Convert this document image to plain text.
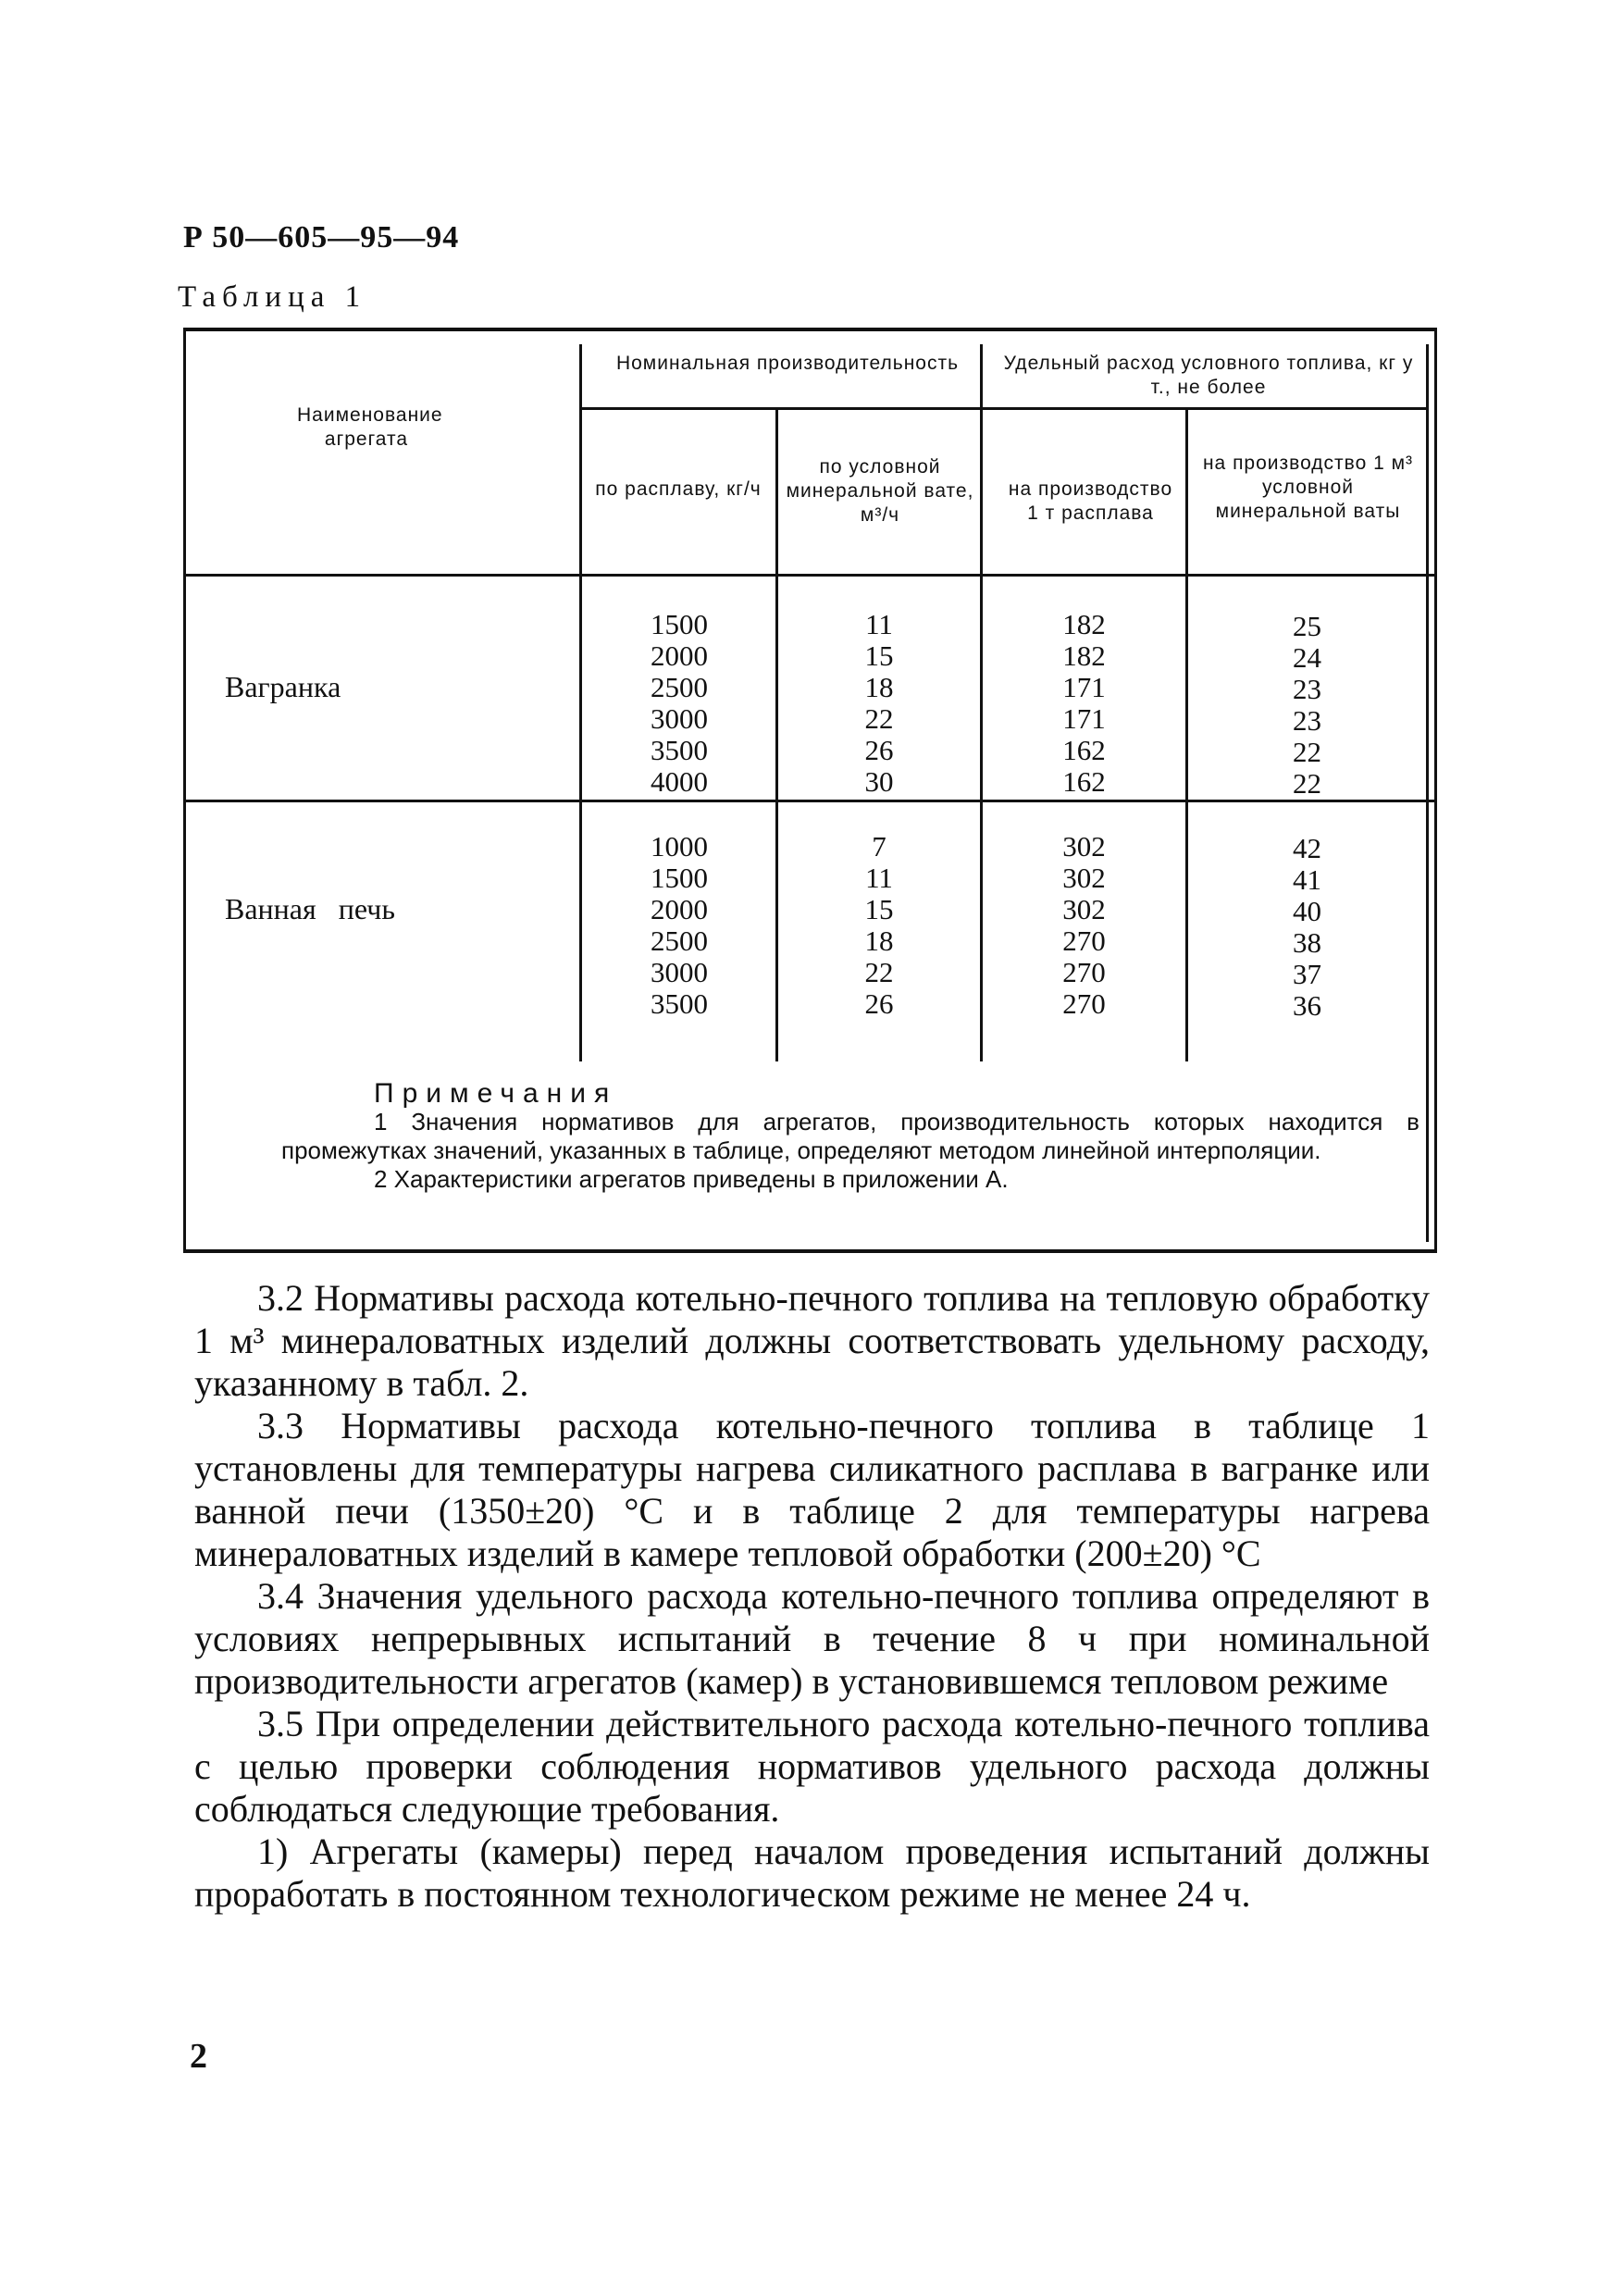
Р 50—605—95—94
Таблица 1
Наименование агрегата
Номинальная производительность
по расплаву, кг/ч
по условной минеральной вате, м³/ч
Удельный расход условного топлива, кг у т., не более
на производство 1 т расплава
на производство 1 м³ условной минеральной ваты
Вагранка
1500
2000
2500
3000
3500
4000
11
15
18
22
26
30
182
182
171
171
162
162
25
24
23
23
22
22
Ванная   печь
1000
1500
2000
2500
3000
3500
7
11
15
18
22
26
302
302
302
270
270
270
42
41
40
38
37
36
Примечания

1 Значения нормативов для агрегатов, производительность которых находится в промежутках значений, указанных в таблице, определяют методом линейной интерполяции.

2 Характеристики агрегатов приведены в приложении А.

3.2 Нормативы расхода котельно-печного топлива на тепловую обработку 1 м³ минераловатных изделий должны соответствовать удельному расходу, указанному в табл. 2.

3.3 Нормативы расхода котельно-печного топлива в таблице 1 установлены для температуры нагрева силикатного расплава в вагранке или ванной печи (1350±20) °С и в таблице 2 для температуры нагрева минераловатных изделий в камере тепловой обработки (200±20) °С

3.4 Значения удельного расхода котельно-печного топлива определяют в условиях непрерывных испытаний в течение 8 ч при номинальной производительности агрегатов (камер) в установившемся тепловом режиме

3.5 При определении действительного расхода котельно-печного топлива с целью проверки соблюдения нормативов удельного расхода должны соблюдаться следующие требования.

1) Агрегаты (камеры) перед началом проведения испытаний должны проработать в постоянном технологическом режиме не менее 24 ч.

2
